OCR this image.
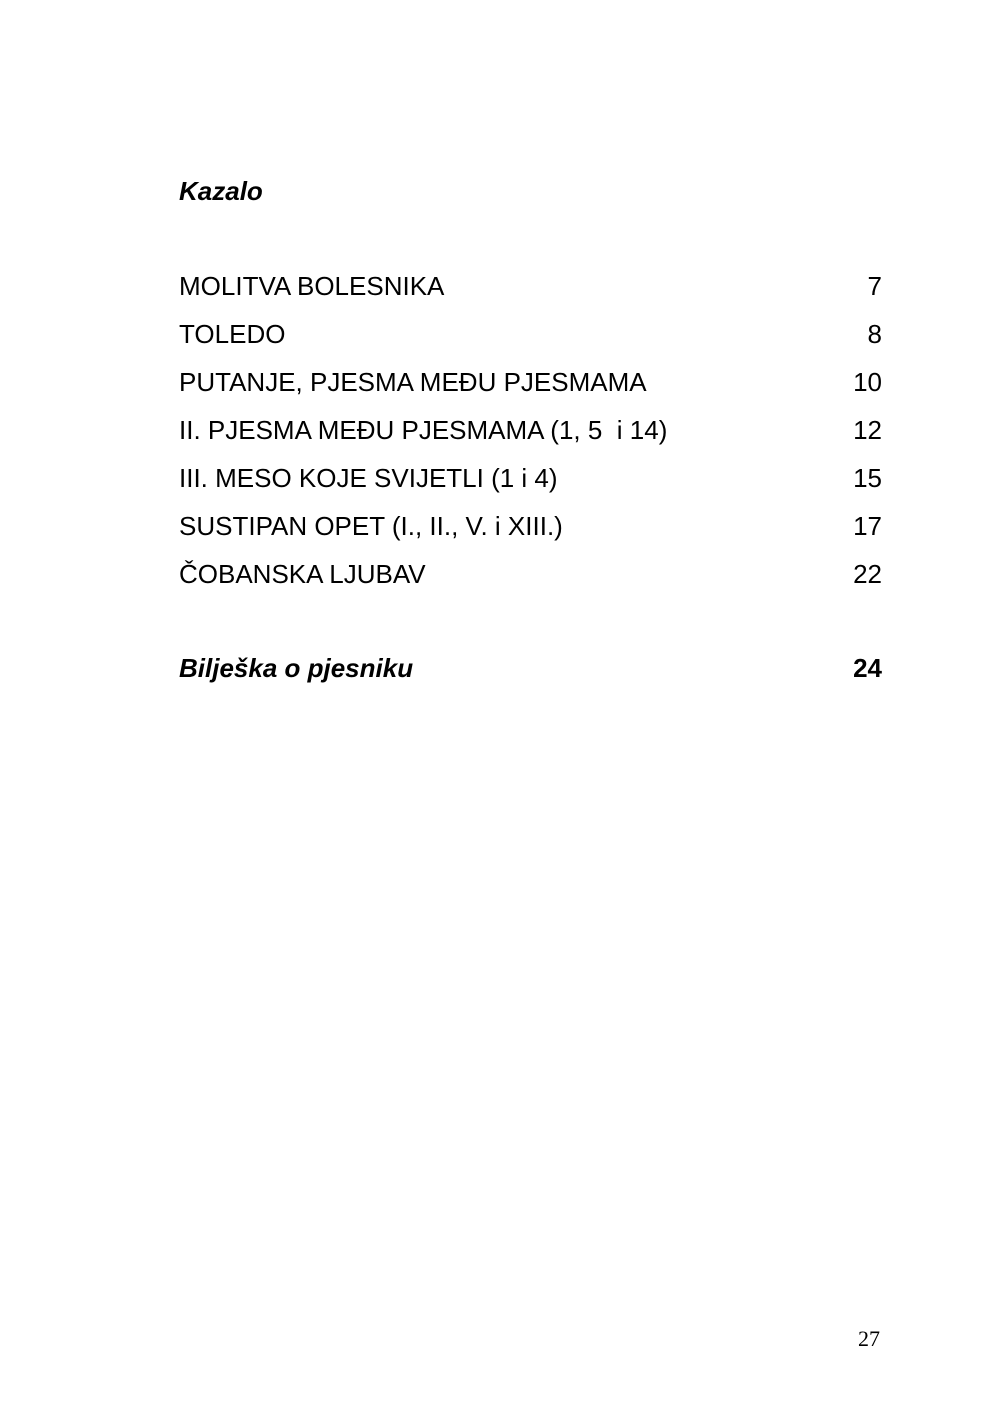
Kazalo
MOLITVA BOLESNIKA	7
TOLEDO	8
PUTANJE, PJESMA MEĐU PJESMAMA	10
II. PJESMA MEĐU PJESMAMA (1, 5  i 14)	12
III. MESO KOJE SVIJETLI (1 i 4)	15
SUSTIPAN OPET (I., II., V. i XIII.)	17
ČOBANSKA LJUBAV	22
Bilješka o pjesniku	24
27
